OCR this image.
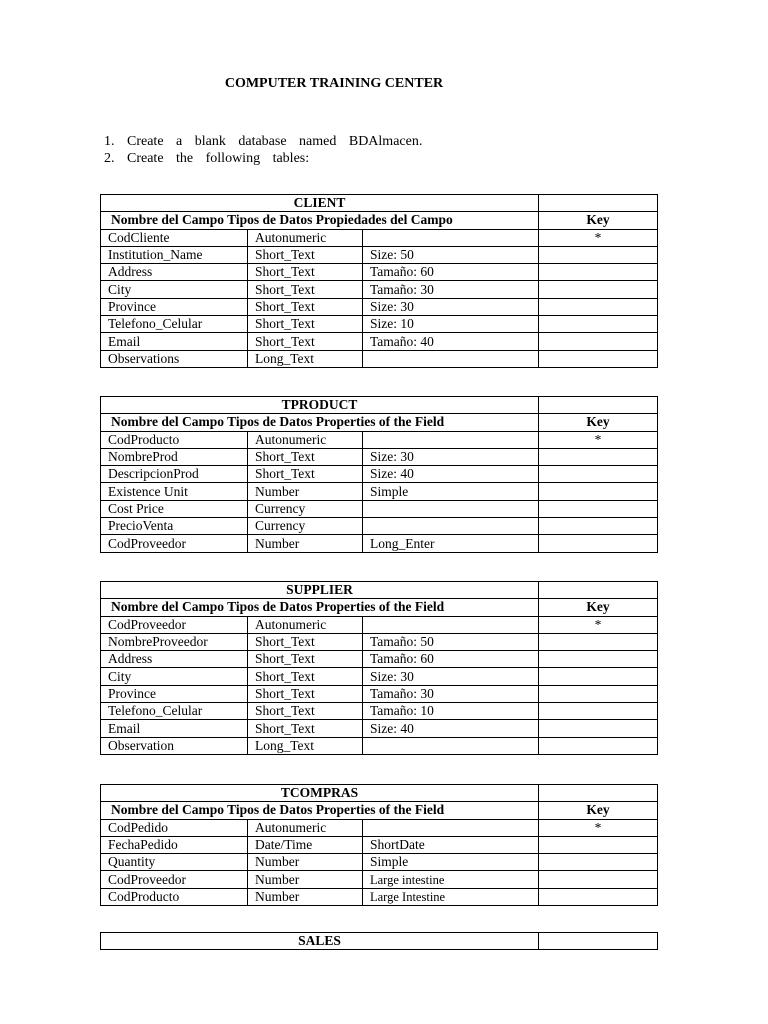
COMPUTER TRAINING CENTER
1. Create a blank database named BDAlmacen.
2. Create the following tables:
CLIENT			

Nombre del Campo Tipos de Datos Propiedades del Campo			Key
CodCliente	Autonumeric		*
Institution_Name	Short_Text	Size: 50	
Address	Short_Text	Tamaño: 60	
City	Short_Text	Tamaño: 30	
Province	Short_Text	Size: 30	
Telefono_Celular	Short_Text	Size: 10	
Email	Short_Text	Tamaño: 40	
Observations	Long_Text		
TPRODUCT			

Nombre del Campo Tipos de Datos Properties of the Field			Key
CodProducto	Autonumeric		*
NombreProd	Short_Text	Size: 30	
DescripcionProd	Short_Text	Size: 40	
Existence Unit	Number	Simple	
Cost Price	Currency		
PrecioVenta	Currency		
CodProveedor	Number	Long_Enter	
SUPPLIER			

Nombre del Campo Tipos de Datos Properties of the Field			Key
CodProveedor	Autonumeric		*
NombreProveedor	Short_Text	Tamaño: 50	
Address	Short_Text	Tamaño: 60	
City	Short_Text	Size: 30	
Province	Short_Text	Tamaño: 30	
Telefono_Celular	Short_Text	Tamaño: 10	
Email	Short_Text	Size: 40	
Observation	Long_Text		
TCOMPRAS			

Nombre del Campo Tipos de Datos Properties of the Field			Key
CodPedido	Autonumeric		*
FechaPedido	Date/Time	ShortDate	
Quantity	Number	Simple	
CodProveedor	Number	Large intestine	
CodProducto	Number	Large Intestine	
SALES	
